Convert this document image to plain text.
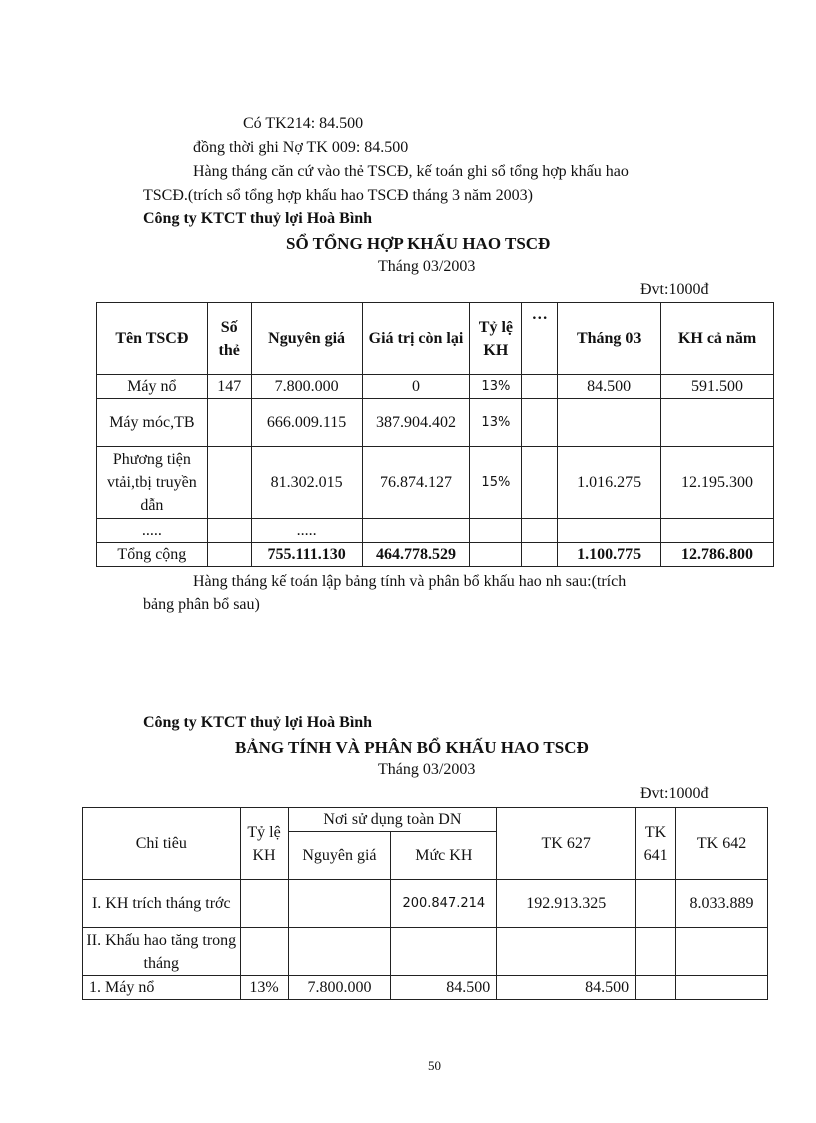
Có TK214: 84.500
đồng thời ghi Nợ TK 009: 84.500
Hàng tháng căn cứ vào thẻ TSCĐ, kế toán ghi sổ tổng hợp khấu hao
TSCĐ.(trích sổ tổng hợp khấu hao TSCĐ tháng 3 năm 2003)
Công ty KTCT thuỷ lợi Hoà Bình
SỔ TỔNG HỢP KHẤU HAO TSCĐ
Tháng 03/2003
Đvt:1000đ
Tên TSCĐ	Số thẻ	Nguyên giá	Giá trị còn lại	Tỷ lệ KH	…	Tháng 03	KH cả năm
Máy nổ	147	7.800.000	0	13%		84.500	591.500
Máy móc,TB		666.009.115	387.904.402	13%			
Phương tiện vtải,tbị truyền dẫn		81.302.015	76.874.127	15%		1.016.275	12.195.300
.....		.....					
Tổng cộng		755.111.130	464.778.529			1.100.775	12.786.800
Hàng tháng kế toán lập bảng tính và phân bổ khấu hao nh sau:(trích
bảng phân bổ sau)
Công ty KTCT thuỷ lợi Hoà Bình
BẢNG TÍNH VÀ PHÂN BỔ KHẤU HAO TSCĐ
Tháng 03/2003
Đvt:1000đ
Chỉ tiêu	Tỷ lệ KH	Nơi sử dụng toàn DN		TK 627	TK 641	TK 642
		Nguyên giá	Mức KH			
I. KH trích tháng trớc			200.847.214	192.913.325		8.033.889
II. Khấu hao tăng trong tháng						
1. Máy nổ	13%	7.800.000	84.500	84.500		
50
